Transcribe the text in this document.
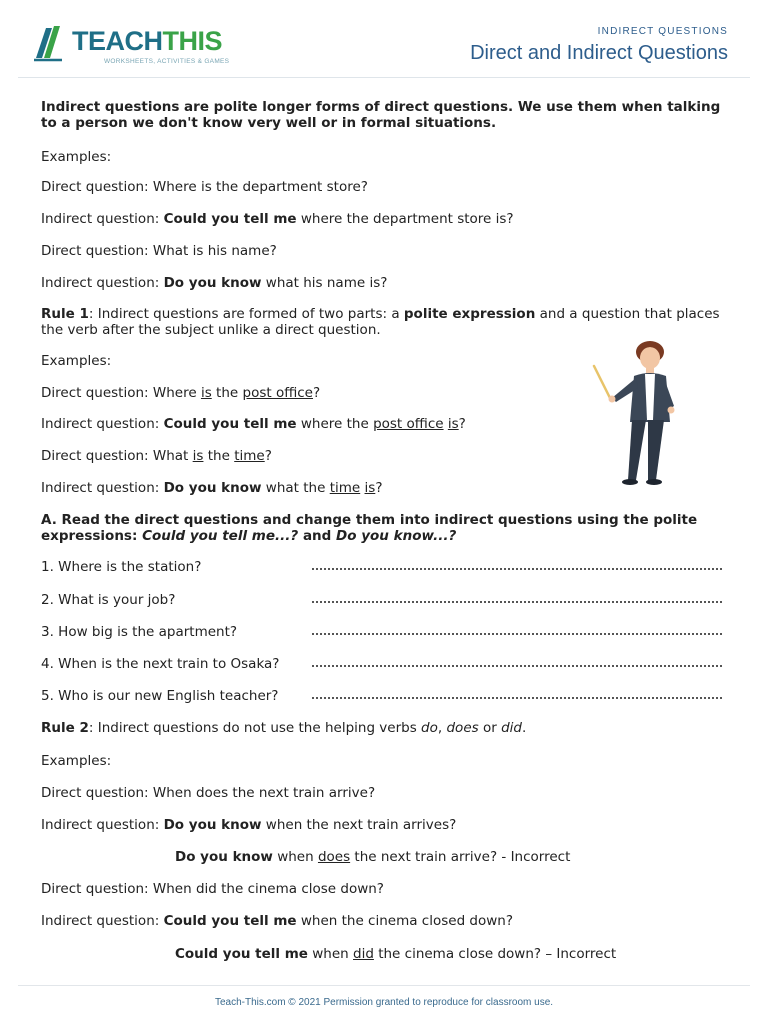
TEACHTHIS
WORKSHEETS, ACTIVITIES & GAMES
INDIRECT QUESTIONS
Direct and Indirect Questions
Indirect questions are polite longer forms of direct questions. We use them when talking to a person we don't know very well or in formal situations.
Examples:
Direct question: Where is the department store?
Indirect question: Could you tell me where the department store is?
Direct question: What is his name?
Indirect question: Do you know what his name is?
Rule 1: Indirect questions are formed of two parts: a polite expression and a question that places the verb after the subject unlike a direct question.
Examples:
Direct question: Where is the post office?
Indirect question: Could you tell me where the post office is?
Direct question: What is the time?
Indirect question: Do you know what the time is?
A. Read the direct questions and change them into indirect questions using the polite expressions: Could you tell me...? and Do you know...?
1. Where is the station?
2. What is your job?
3. How big is the apartment?
4. When is the next train to Osaka?
5. Who is our new English teacher?
Rule 2: Indirect questions do not use the helping verbs do, does or did.
Examples:
Direct question: When does the next train arrive?
Indirect question: Do you know when the next train arrives?
Do you know when does the next train arrive? - Incorrect
Direct question: When did the cinema close down?
Indirect question: Could you tell me when the cinema closed down?
Could you tell me when did the cinema close down? – Incorrect
Teach-This.com © 2021 Permission granted to reproduce for classroom use.
